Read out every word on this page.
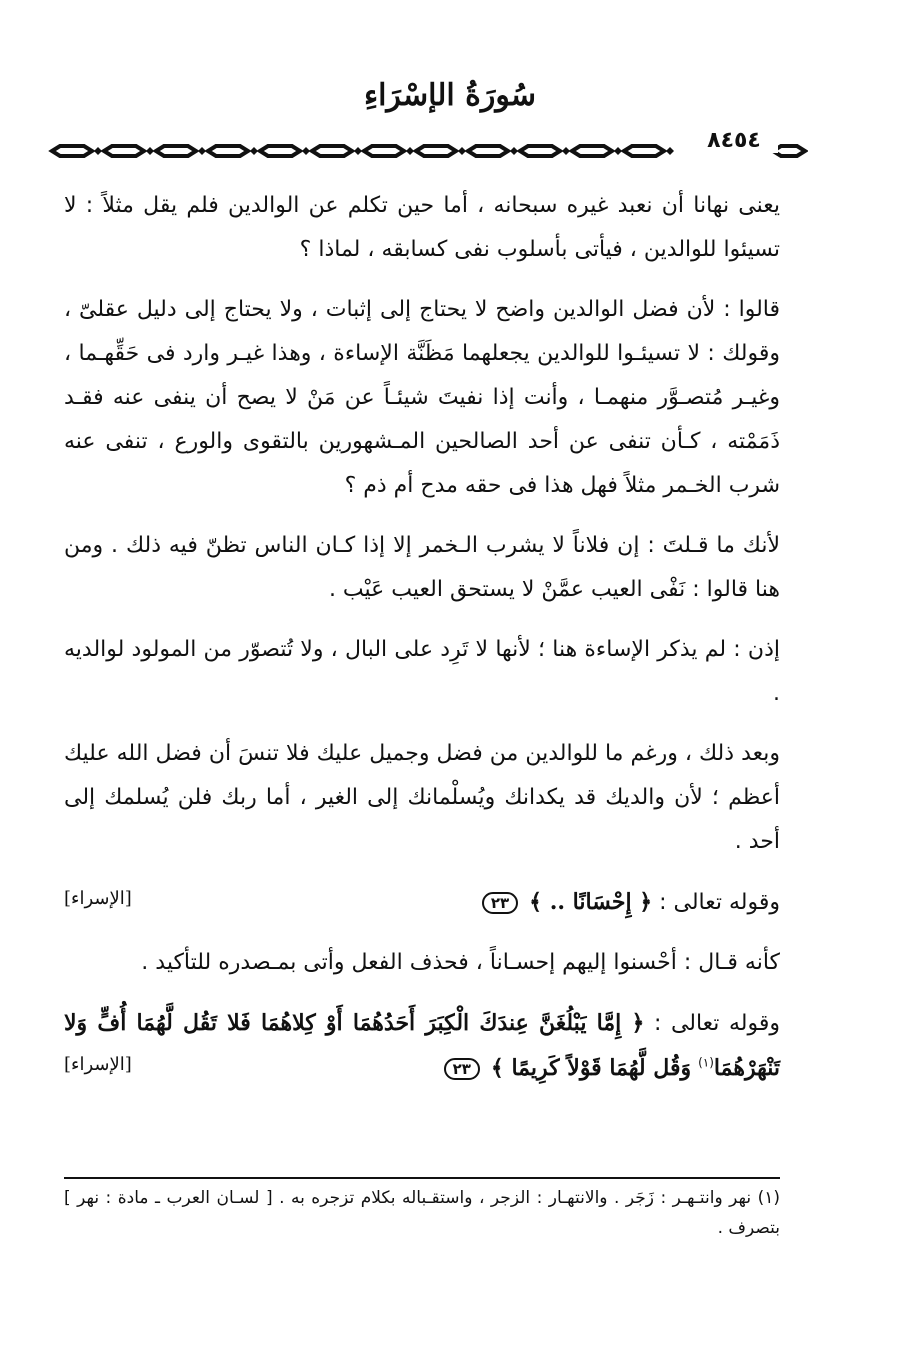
سُورَةُ الإسْرَاءِ
٨٤٥٤

يعنى نهانا أن نعبد غيره سبحانه ، أما حين تكلم عن الوالدين فلم يقل مثلاً : لا تسيئوا للوالدين ، فيأتى بأسلوب نفى كسابقه ، لماذا ؟

قالوا : لأن فضل الوالدين واضح لا يحتاج إلى إثبات ، ولا يحتاج إلى دليل عقلىّ ، وقولك : لا تسيئـوا للوالدين يجعلهما مَظَنَّة الإساءة ، وهذا غيـر وارد فى حَقِّهـما ، وغيـر مُتصـوَّر منهمـا ، وأنت إذا نفيتَ شيئـاً عن مَنْ لا يصح أن ينفى عنه فقـد ذَمَمْته ، كـأن تنفى عن أحد الصالحين المـشهورين بالتقوى والورع ، تنفى عنه شرب الخـمر مثلاً فهل هذا فى حقه مدح أم ذم ؟

لأنك ما قـلتَ : إن فلاناً لا يشرب الـخمر إلا إذا كـان الناس تظنّ فيه ذلك . ومن هنا قالوا : نَفْى العيب عمَّنْ لا يستحق العيب عَيْب .

إذن : لم يذكر الإساءة هنا ؛ لأنها لا تَرِد على البال ، ولا تُتصوّر من المولود لوالديه .

وبعد ذلك ، ورغم ما للوالدين من فضل وجميل عليك فلا تنسَ أن فضل الله عليك أعظم ؛ لأن والديك قد يكدانك ويُسلْمانك إلى الغير ، أما ربك فلن يُسلمك إلى أحد .

وقوله تعالى : ﴿ إِحْسَانًا .. ﴾ ٢٣
[الإسراء]

كأنه قـال : أحْسنوا إليهم إحسـاناً ، فحذف الفعل وأتى بمـصدره للتأكيد .

وقوله تعالى : ﴿ إِمَّا يَبْلُغَنَّ عِندَكَ الْكِبَرَ أَحَدُهُمَا أَوْ كِلاهُمَا فَلا تَقُل لَّهُمَا أُفٍّ وَلا تَنْهَرْهُمَا$^{(١)}$ وَقُل لَّهُمَا قَوْلاً كَرِيمًا ﴾ ٢٣
[الإسراء]
(١) نهر وانتـهـر : زَجَر . والانتهـار : الزجر ، واستقـباله بكلام تزجره به . [ لسـان العرب ـ مادة : نهر ] بتصرف .
